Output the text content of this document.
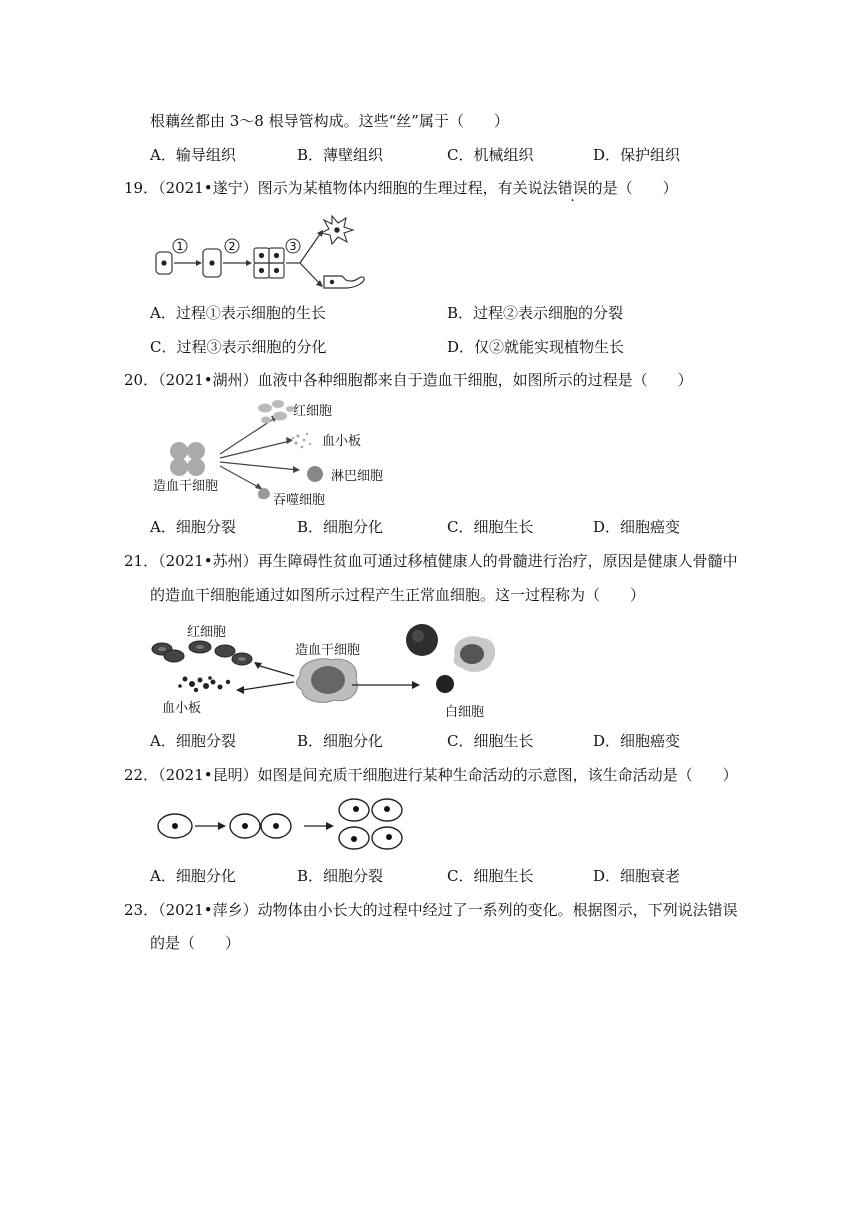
根藕丝都由 3～8 根导管构成。这些“丝”属于（　　）
A．输导组织	B．薄壁组织	C．机械组织	D．保护组织
19．（2021•遂宁）图示为某植物体内细胞的生理过程，有关说法错误的是（　　）
1	2	3
A．过程①表示细胞的生长	B．过程②表示细胞的分裂
C．过程③表示细胞的分化	D．仅②就能实现植物生长
20．（2021•湖州）血液中各种细胞都来自于造血干细胞，如图所示的过程是（　　）
造血干细胞
红细胞
血小板
淋巴细胞
吞噬细胞
A．细胞分裂	B．细胞分化	C．细胞生长	D．细胞癌变
21．（2021•苏州）再生障碍性贫血可通过移植健康人的骨髓进行治疗，原因是健康人骨髓中
的造血干细胞能通过如图所示过程产生正常血细胞。这一过程称为（　　）
红细胞
血小板
造血干细胞
白细胞
A．细胞分裂	B．细胞分化	C．细胞生长	D．细胞癌变
22．（2021•昆明）如图是间充质干细胞进行某种生命活动的示意图，该生命活动是（　　）
A．细胞分化	B．细胞分裂	C．细胞生长	D．细胞衰老
23．（2021•萍乡）动物体由小长大的过程中经过了一系列的变化。根据图示，下列说法错误
的是（　　）
